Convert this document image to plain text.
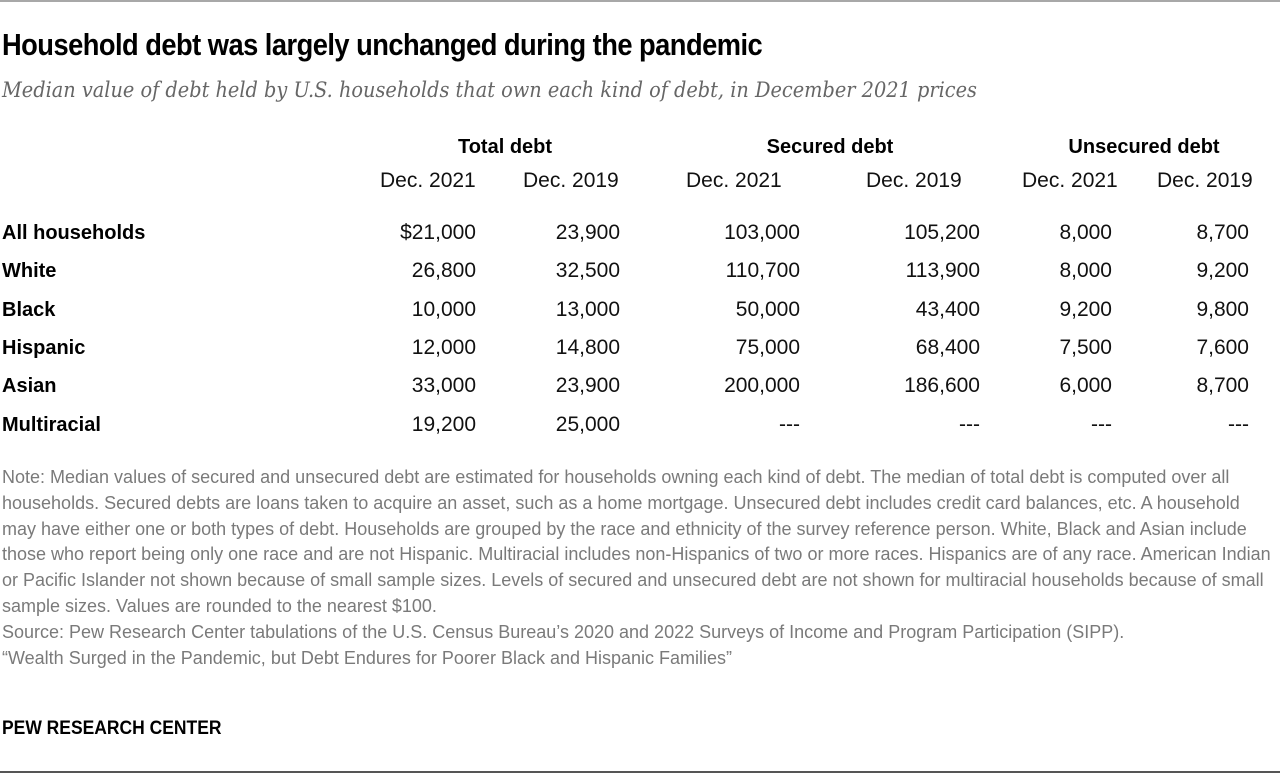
Household debt was largely unchanged during the pandemic
Median value of debt held by U.S. households that own each kind of debt, in December 2021 prices
Total debt	Secured debt	Unsecured debt
Dec. 2021 Dec. 2019	Dec. 2021	Dec. 2019	Dec. 2021 Dec. 2019
All households	$21,000	23,900	103,000	105,200	8,000	8,700
White	26,800	32,500	110,700	113,900	8,000	9,200
Black	10,000	13,000	50,000	43,400	9,200	9,800
Hispanic	12,000	14,800	75,000	68,400	7,500	7,600
Asian	33,000	23,900	200,000	186,600	6,000	8,700
Multiracial	19,200	25,000	---	---	---	---

Note: Median values of secured and unsecured debt are estimated for households owning each kind of debt. The median of total debt is computed over all households. Secured debts are loans taken to acquire an asset, such as a home mortgage. Unsecured debt includes credit card balances, etc. A household may have either one or both types of debt. Households are grouped by the race and ethnicity of the survey reference person. White, Black and Asian include those who report being only one race and are not Hispanic. Multiracial includes non-Hispanics of two or more races. Hispanics are of any race. American Indian or Pacific Islander not shown because of small sample sizes. Levels of secured and unsecured debt are not shown for multiracial households because of small sample sizes. Values are rounded to the nearest $100.

Source: Pew Research Center tabulations of the U.S. Census Bureau’s 2020 and 2022 Surveys of Income and Program Participation (SIPP).

“Wealth Surged in the Pandemic, but Debt Endures for Poorer Black and Hispanic Families”

PEW RESEARCH CENTER
